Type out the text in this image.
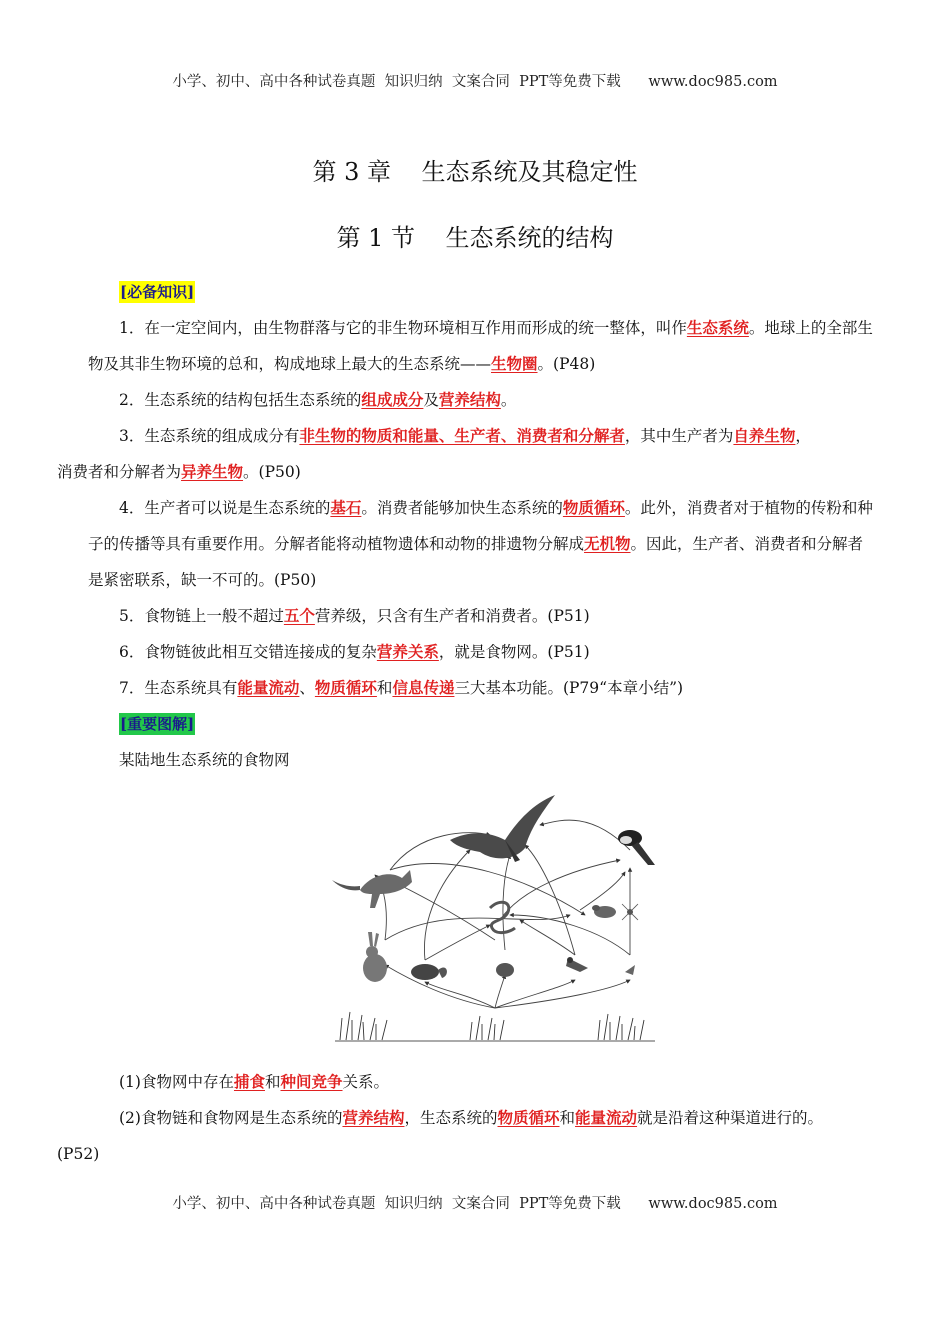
小学、初中、高中各种试卷真题  知识归纳  文案合同  PPT等免费下载      www.doc985.com
第 3 章    生态系统及其稳定性
第 1 节    生态系统的结构

[必备知识]

1．在一定空间内，由生物群落与它的非生物环境相互作用而形成的统一整体，叫作生态系统。地球上的全部生物及其非生物环境的总和，构成地球上最大的生态系统——生物圈。(P48)

2．生态系统的结构包括生态系统的组成成分及营养结构。

3．生态系统的组成成分有非生物的物质和能量、生产者、消费者和分解者，其中生产者为自养生物，
消费者和分解者为异养生物。(P50)

4．生产者可以说是生态系统的基石。消费者能够加快生态系统的物质循环。此外，消费者对于植物的传粉和种子的传播等具有重要作用。分解者能将动植物遗体和动物的排遗物分解成无机物。因此，生产者、消费者和分解者是紧密联系，缺一不可的。(P50)

5．食物链上一般不超过五个营养级，只含有生产者和消费者。(P51)

6．食物链彼此相互交错连接成的复杂营养关系，就是食物网。(P51)

7．生态系统具有能量流动、物质循环和信息传递三大基本功能。(P79“本章小结”)

[重要图解]

某陆地生态系统的食物网

(1)食物网中存在捕食和种间竞争关系。

(2)食物链和食物网是生态系统的营养结构，生态系统的物质循环和能量流动就是沿着这种渠道进行的。
(P52)

小学、初中、高中各种试卷真题  知识归纳  文案合同  PPT等免费下载      www.doc985.com
